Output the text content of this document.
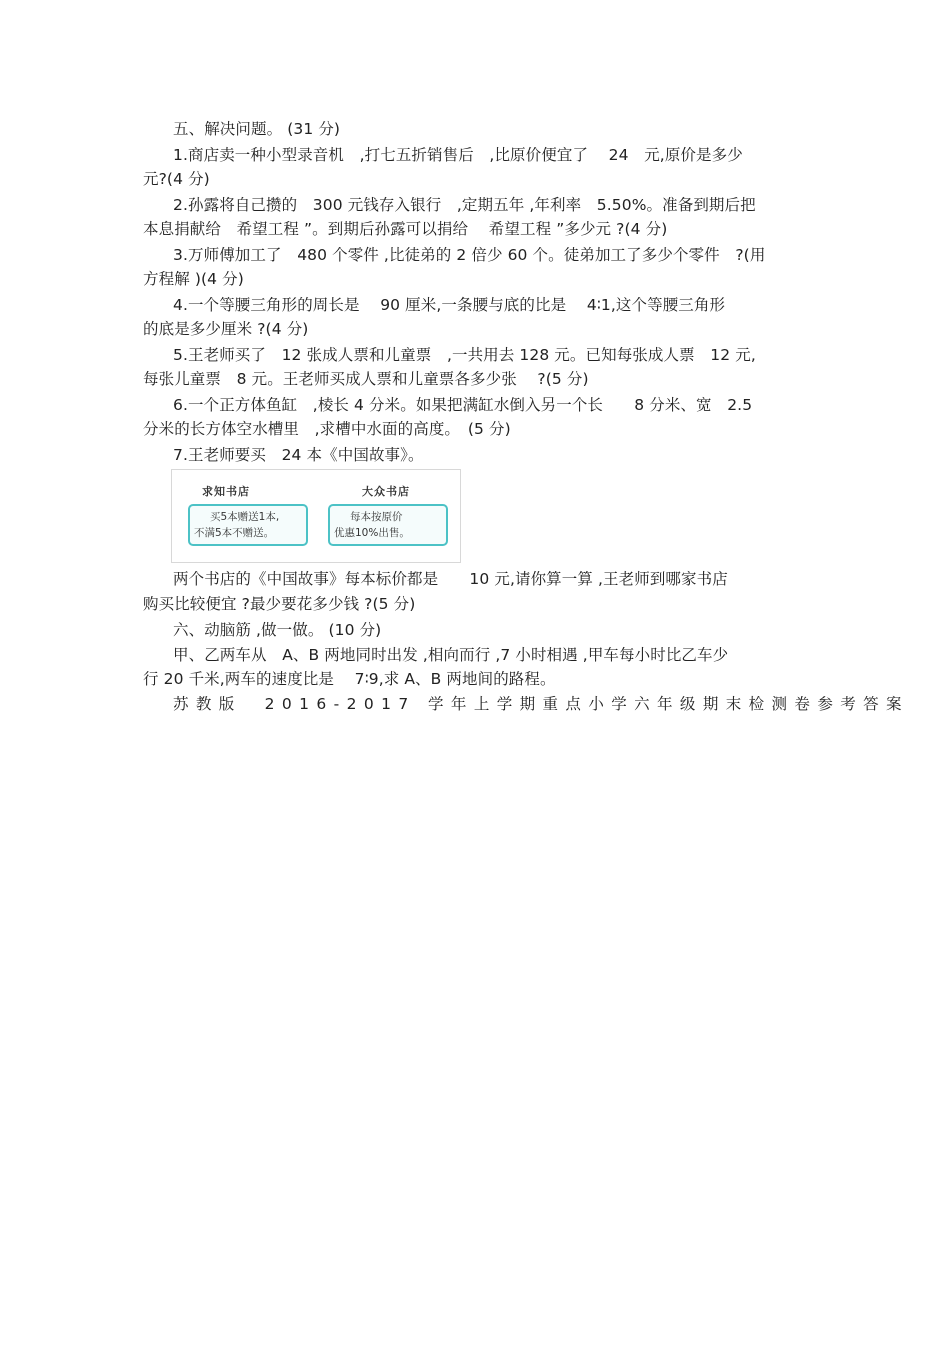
五、解决问题。 (31 分)
1.商店卖一种小型录音机　,打七五折销售后　,比原价便宜了　 24　元,原价是多少
元?(4 分)
2.孙露将自己攒的　300 元钱存入银行　,定期五年 ,年利率　5.50%。准备到期后把
本息捐献给　希望工程 ”。到期后孙露可以捐给　 希望工程 ”多少元 ?(4 分)
3.万师傅加工了　480 个零件 ,比徒弟的 2 倍少 60 个。徒弟加工了多少个零件　?(用
方程解 )(4 分)
4.一个等腰三角形的周长是　 90 厘米,一条腰与底的比是　 4∶1,这个等腰三角形
的底是多少厘米 ?(4 分)
5.王老师买了　12 张成人票和儿童票　,一共用去 128 元。已知每张成人票　12 元,
每张儿童票　8 元。王老师买成人票和儿童票各多少张　 ?(5 分)
6.一个正方体鱼缸　,棱长 4 分米。如果把满缸水倒入另一个长　　8 分米、宽　2.5
分米的长方体空水槽里　,求槽中水面的高度。　(5 分)
7.王老师要买　24 本《中国故事》。
求知书店	大众书店
买5本赠送1本,
不满5本不赠送。
每本按原价
优惠10%出售。
两个书店的《中国故事》每本标价都是　　10 元,请你算一算 ,王老师到哪家书店
购买比较便宜 ?最少要花多少钱 ?(5 分)
六、动脑筋 ,做一做。 (10 分)
甲、乙两车从　A、B 两地同时出发 ,相向而行 ,7 小时相遇 ,甲车每小时比乙车少
行 20 千米,两车的速度比是　 7∶9,求 A、B 两地间的路程。
苏教版　2016-2017 学年上学期重点小学六年级期末检测卷参考答案
